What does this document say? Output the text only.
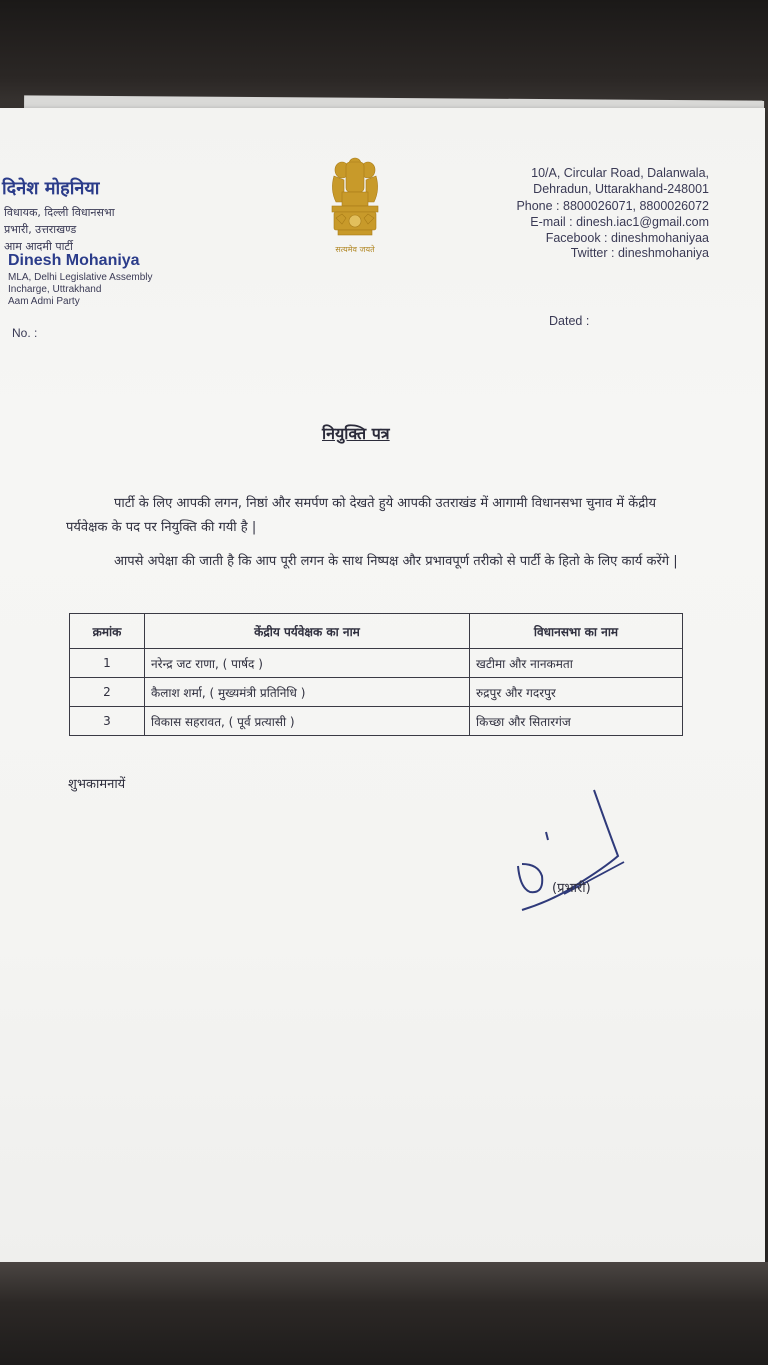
दिनेश मोहनिया
विधायक, दिल्ली विधानसभा
प्रभारी, उत्तराखण्ड
आम आदमी पार्टी
Dinesh Mohaniya
MLA, Delhi Legislative Assembly
Incharge, Uttrakhand
Aam Admi Party
No. :
सत्यमेव जयते
10/A, Circular Road, Dalanwala,
Dehradun, Uttarakhand-248001
Phone : 8800026071, 8800026072
E-mail : dinesh.iac1@gmail.com
Facebook : dineshmohaniyaa
Twitter : dineshmohaniya
Dated :
नियुक्ति पत्र
पार्टी के लिए आपकी लगन, निष्ठां और समर्पण को देखते हुये आपकी उतराखंड में आगामी विधानसभा चुनाव में केंद्रीय पर्यवेक्षक के पद पर नियुक्ति की गयी है |
आपसे अपेक्षा की जाती है कि आप पूरी लगन के साथ निष्पक्ष और प्रभावपूर्ण तरीको से पार्टी के हितो के लिए कार्य करेंगे |
क्रमांक	केंद्रीय पर्यवेक्षक का नाम	विधानसभा का नाम
1	नरेन्द्र जट राणा, ( पार्षद )	खटीमा और नानकमता
2	कैलाश शर्मा, ( मुख्यमंत्री प्रतिनिधि )	रुद्रपुर और गदरपुर
3	विकास सहरावत, ( पूर्व प्रत्यासी )	किच्छा और सितारगंज
शुभकामनायें
(प्रभारी)
